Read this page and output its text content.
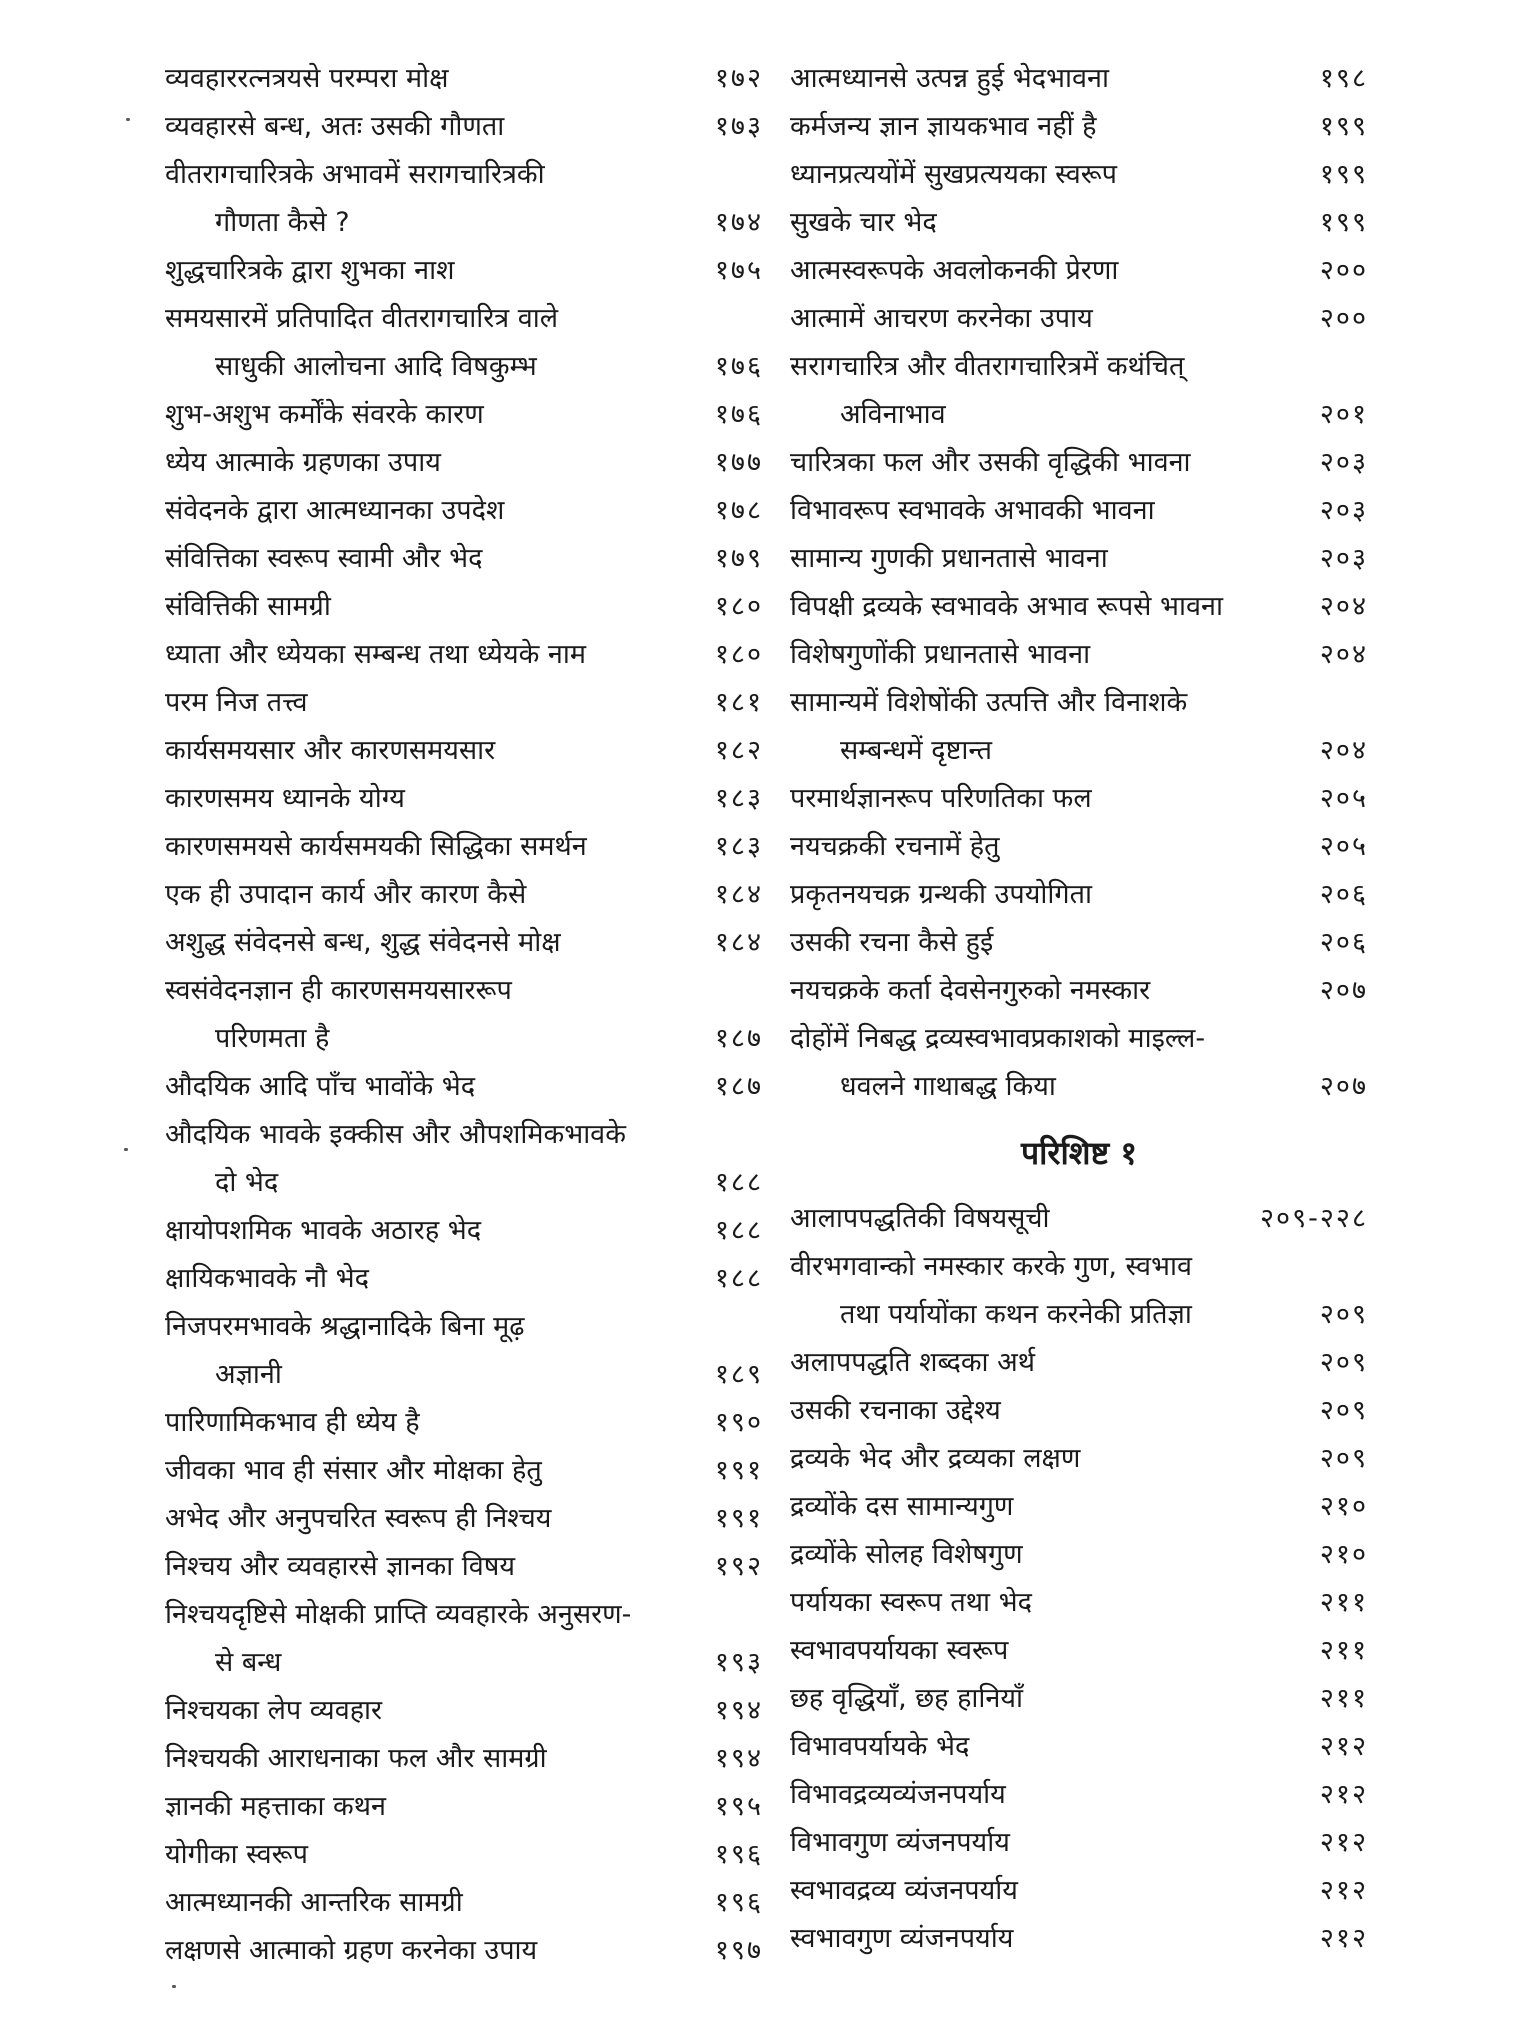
व्यवहाररत्नत्रयसे परम्परा मोक्ष	१७२
व्यवहारसे बन्ध, अतः उसकी गौणता	१७३
वीतरागचारित्रके अभावमें सरागचारित्रकी
गौणता कैसे ?	१७४
शुद्धचारित्रके द्वारा शुभका नाश	१७५
समयसारमें प्रतिपादित वीतरागचारित्र वाले
साधुकी आलोचना आदि विषकुम्भ	१७६
शुभ-अशुभ कर्मोंके संवरके कारण	१७६
ध्येय आत्माके ग्रहणका उपाय	१७७
संवेदनके द्वारा आत्मध्यानका उपदेश	१७८
संवित्तिका स्वरूप स्वामी और भेद	१७९
संवित्तिकी सामग्री	१८०
ध्याता और ध्येयका सम्बन्ध तथा ध्येयके नाम	१८०
परम निज तत्त्व	१८१
कार्यसमयसार और कारणसमयसार	१८२
कारणसमय ध्यानके योग्य	१८३
कारणसमयसे कार्यसमयकी सिद्धिका समर्थन	१८३
एक ही उपादान कार्य और कारण कैसे	१८४
अशुद्ध संवेदनसे बन्ध, शुद्ध संवेदनसे मोक्ष	१८४
स्वसंवेदनज्ञान ही कारणसमयसाररूप
परिणमता है	१८७
औदयिक आदि पाँच भावोंके भेद	१८७
औदयिक भावके इक्कीस और औपशमिकभावके
दो भेद	१८८
क्षायोपशमिक भावके अठारह भेद	१८८
क्षायिकभावके नौ भेद	१८८
निजपरमभावके श्रद्धानादिके बिना मूढ़
अज्ञानी	१८९
पारिणामिकभाव ही ध्येय है	१९०
जीवका भाव ही संसार और मोक्षका हेतु	१९१
अभेद और अनुपचरित स्वरूप ही निश्चय	१९१
निश्चय और व्यवहारसे ज्ञानका विषय	१९२
निश्चयदृष्टिसे मोक्षकी प्राप्ति व्यवहारके अनुसरण-
से बन्ध	१९३
निश्चयका लेप व्यवहार	१९४
निश्चयकी आराधनाका फल और सामग्री	१९४
ज्ञानकी महत्ताका कथन	१९५
योगीका स्वरूप	१९६
आत्मध्यानकी आन्तरिक सामग्री	१९६
लक्षणसे आत्माको ग्रहण करनेका उपाय	१९७
आत्मध्यानसे उत्पन्न हुई भेदभावना	१९८
कर्मजन्य ज्ञान ज्ञायकभाव नहीं है	१९९
ध्यानप्रत्ययोंमें सुखप्रत्ययका स्वरूप	१९९
सुखके चार भेद	१९९
आत्मस्वरूपके अवलोकनकी प्रेरणा	२००
आत्मामें आचरण करनेका उपाय	२००
सरागचारित्र और वीतरागचारित्रमें कथंचित्
अविनाभाव	२०१
चारित्रका फल और उसकी वृद्धिकी भावना	२०३
विभावरूप स्वभावके अभावकी भावना	२०३
सामान्य गुणकी प्रधानतासे भावना	२०३
विपक्षी द्रव्यके स्वभावके अभाव रूपसे भावना	२०४
विशेषगुणोंकी प्रधानतासे भावना	२०४
सामान्यमें विशेषोंकी उत्पत्ति और विनाशके
सम्बन्धमें दृष्टान्त	२०४
परमार्थज्ञानरूप परिणतिका फल	२०५
नयचक्रकी रचनामें हेतु	२०५
प्रकृतनयचक्र ग्रन्थकी उपयोगिता	२०६
उसकी रचना कैसे हुई	२०६
नयचक्रके कर्ता देवसेनगुरुको नमस्कार	२०७
दोहोंमें निबद्ध द्रव्यस्वभावप्रकाशको माइल्ल-
धवलने गाथाबद्ध किया	२०७
परिशिष्ट १
आलापपद्धतिकी विषयसूची	२०९-२२८
वीरभगवान्को नमस्कार करके गुण, स्वभाव
तथा पर्यायोंका कथन करनेकी प्रतिज्ञा	२०९
अलापपद्धति शब्दका अर्थ	२०९
उसकी रचनाका उद्देश्य	२०९
द्रव्यके भेद और द्रव्यका लक्षण	२०९
द्रव्योंके दस सामान्यगुण	२१०
द्रव्योंके सोलह विशेषगुण	२१०
पर्यायका स्वरूप तथा भेद	२११
स्वभावपर्यायका स्वरूप	२११
छह वृद्धियाँ, छह हानियाँ	२११
विभावपर्यायके भेद	२१२
विभावद्रव्यव्यंजनपर्याय	२१२
विभावगुण व्यंजनपर्याय	२१२
स्वभावद्रव्य व्यंजनपर्याय	२१२
स्वभावगुण व्यंजनपर्याय	२१२
